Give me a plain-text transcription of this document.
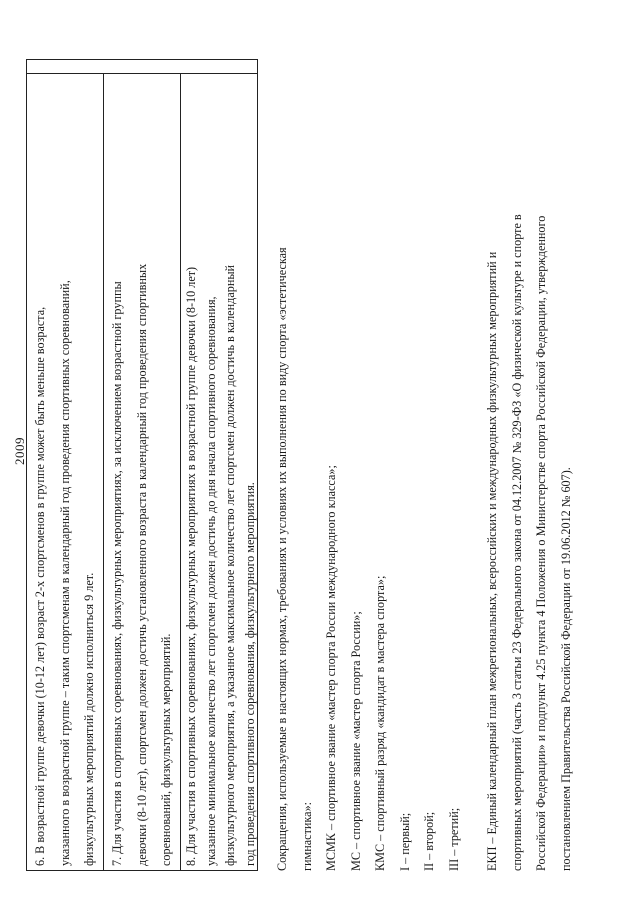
2009 6. В возрастной группе девочки (10-12 лет) возраст 2-х спортсменов в группе может быть меньше возраста, указанного в возрастной группе – таким спортсменам в календарный год проведения спортивных соревнований, физкультурных мероприятий должно исполниться 9 лет.	7. Для участия в спортивных соревнованиях, физкультурных мероприятиях, за исключением возрастной группы девочки (8-10 лет), спортсмен должен достичь установленного возраста в календарный год проведения спортивных соревнований, физкультурных мероприятий. 8. Для участия в спортивных соревнованиях, физкультурных мероприятиях в возрастной группе девочки (8-10 лет) указанное минимальное количество лет спортсмен должен достичь до дня начала спортивного соревнования, физкультурного мероприятия, а указанное максимальное количество лет спортсмен должен достичь в календарный год проведения спортивного соревнования, физкультурного мероприятия.	Сокращения, используемые в настоящих нормах, требованиях и условиях их выполнения по виду спорта «эстетическая гимнастика»: МСМК – спортивное звание «мастер спорта России международного класса»; МС – спортивное звание «мастер спорта России»; КМС – спортивный разряд «кандидат в мастера спорта»; I – первый; II – второй; III – третий;	ЕКП – Единый календарный план межрегиональных, всероссийских и международных физкультурных мероприятий и спортивных мероприятий (часть 3 статьи 23 Федерального закона от 04.12.2007 № 329-ФЗ «О физической культуре и спорте в Российской Федерации» и подпункт 4.25 пункта 4 Положения о Министерстве спорта Российской Федерации, утвержденного постановлением Правительства Российской Федерации от 19.06.2012 № 607).
